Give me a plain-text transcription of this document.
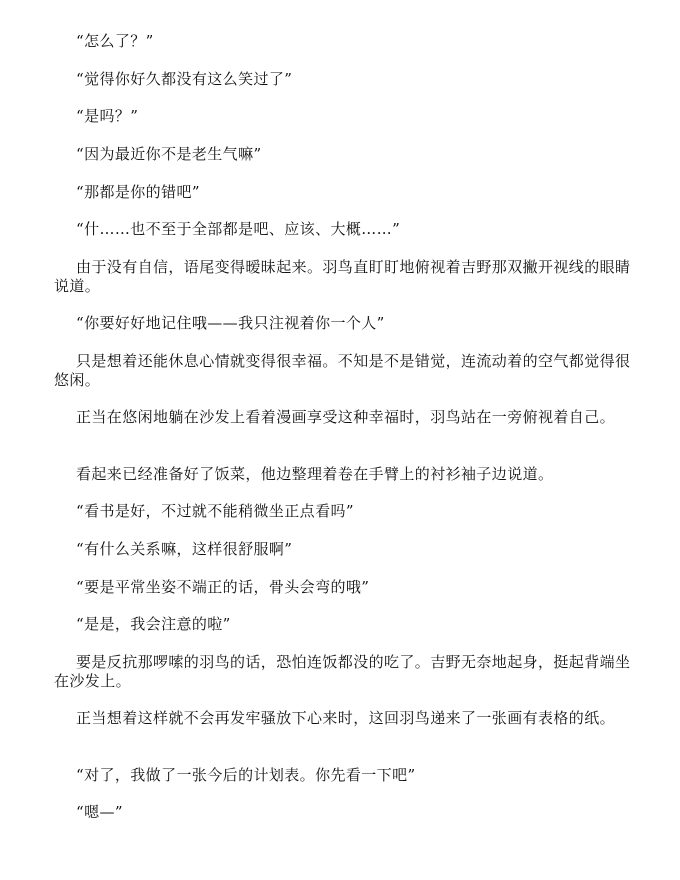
“怎么了？”

“觉得你好久都没有这么笑过了”

“是吗？”

“因为最近你不是老生气嘛”

“那都是你的错吧”

“什……也不至于全部都是吧、应该、大概……”

由于没有自信，语尾变得暧昧起来。羽鸟直盯盯地俯视着吉野那双撇开视线的眼睛说道。

“你要好好地记住哦——我只注视着你一个人”

只是想着还能休息心情就变得很幸福。不知是不是错觉，连流动着的空气都觉得很悠闲。

正当在悠闲地躺在沙发上看着漫画享受这种幸福时，羽鸟站在一旁俯视着自己。

看起来已经准备好了饭菜，他边整理着卷在手臂上的衬衫袖子边说道。

“看书是好，不过就不能稍微坐正点看吗”

“有什么关系嘛，这样很舒服啊”

“要是平常坐姿不端正的话，骨头会弯的哦”

“是是，我会注意的啦”

要是反抗那啰嗦的羽鸟的话，恐怕连饭都没的吃了。吉野无奈地起身，挺起背端坐在沙发上。

正当想着这样就不会再发牢骚放下心来时，这回羽鸟递来了一张画有表格的纸。

“对了，我做了一张今后的计划表。你先看一下吧”

“嗯—”
